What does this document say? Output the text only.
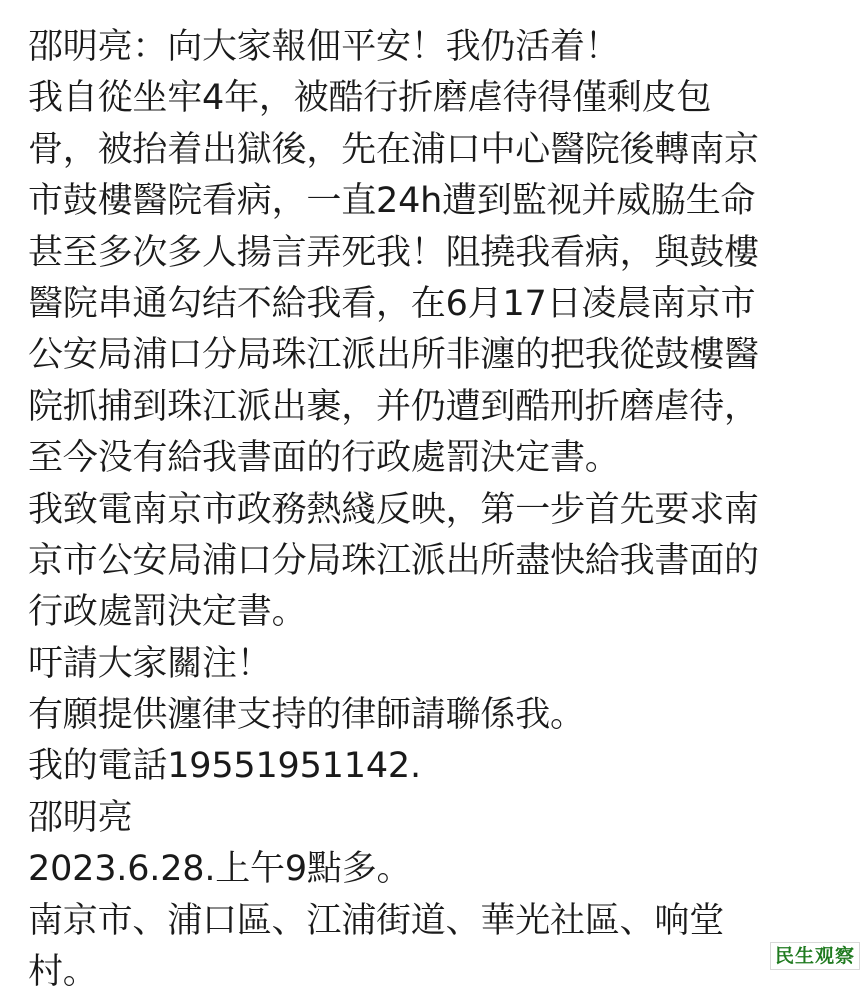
邵明亮：向大家報佃平安！我仍活着！
我自從坐牢4年，被酷行折磨虐待得僅剩皮包
骨，被抬着出獄後，先在浦口中心醫院後轉南京
市鼓樓醫院看病，一直24h遭到監视并威脇生命
甚至多次多人揚言弄死我！阻撓我看病，與鼓樓
醫院串通勾结不給我看，在6月17日凌晨南京市
公安局浦口分局珠江派出所非瀍的把我從鼓樓醫
院抓捕到珠江派出裹，并仍遭到酷刑折磨虐待，
至今没有給我書面的行政處罰決定書。
我致電南京市政務熱綫反映，第一步首先要求南
京市公安局浦口分局珠江派出所盡快給我書面的
行政處罰決定書。
吁請大家關注！
有願提供瀍律支持的律師請聯係我。
我的電話19551951142.
邵明亮
2023.6.28.上午9點多。
南京市、浦口區、江浦街道、華光社區、响堂
村。	民生观察
